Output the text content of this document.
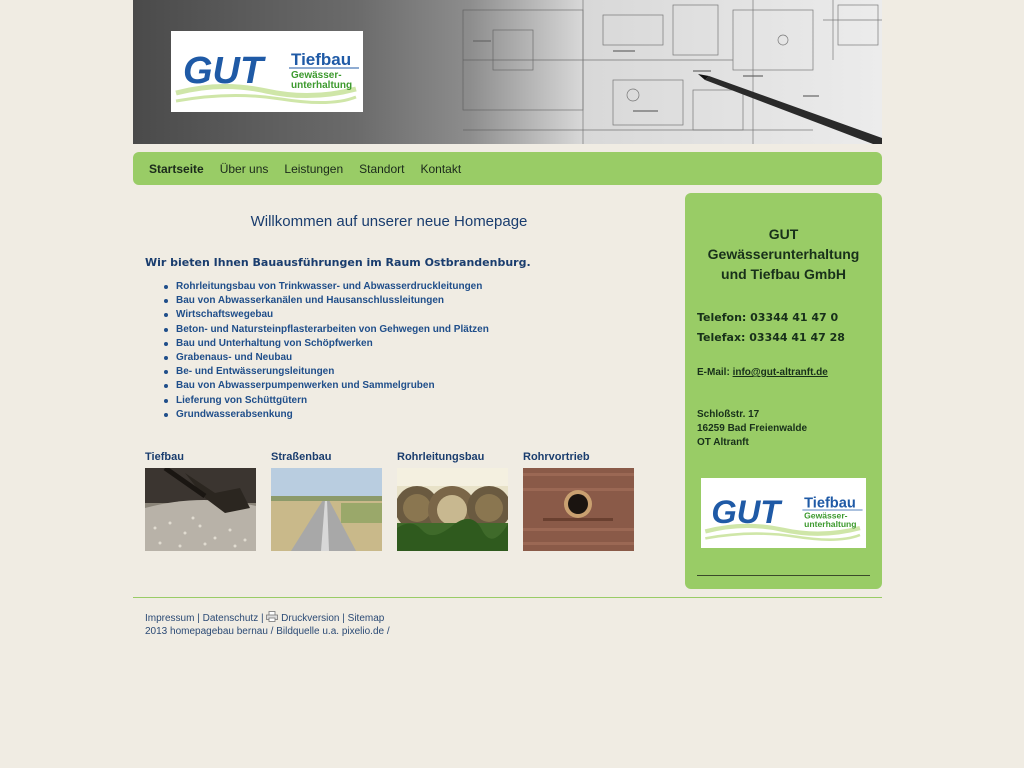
GUT Tiefbau
Gewässer-
unterhaltung
Startseite Über uns Leistungen Standort Kontakt
Willkommen auf unserer neue Homepage

Wir bieten Ihnen Bauausführungen im Raum Ostbrandenburg.

Rohrleitungsbau von Trinkwasser- und Abwasserdruckleitungen
Bau von Abwasserkanälen und Hausanschlussleitungen
Wirtschaftswegebau
Beton- und Natursteinpflasterarbeiten von Gehwegen und Plätzen
Bau und Unterhaltung von Schöpfwerken
Grabenaus- und Neubau
Be- und Entwässerungsleitungen
Bau von Abwasserpumpenwerken und Sammelgruben
Lieferung von Schüttgütern
Grundwasserabsenkung
Tiefbau	Straßenbau	Rohrleitungsbau	Rohrvortrieb
GUT
Gewässerunterhaltung
und Tiefbau GmbH
Telefon: 03344 41 47 0
Telefax: 03344 41 47 28
E-Mail: info@gut-altranft.de
Schloßstr. 17
16259 Bad Freienwalde
OT Altranft
GUT Tiefbau
Gewässer-
unterhaltung
Impressum | Datenschutz |  Druckversion | Sitemap
2013 homepagebau bernau / Bildquelle u.a. pixelio.de /
